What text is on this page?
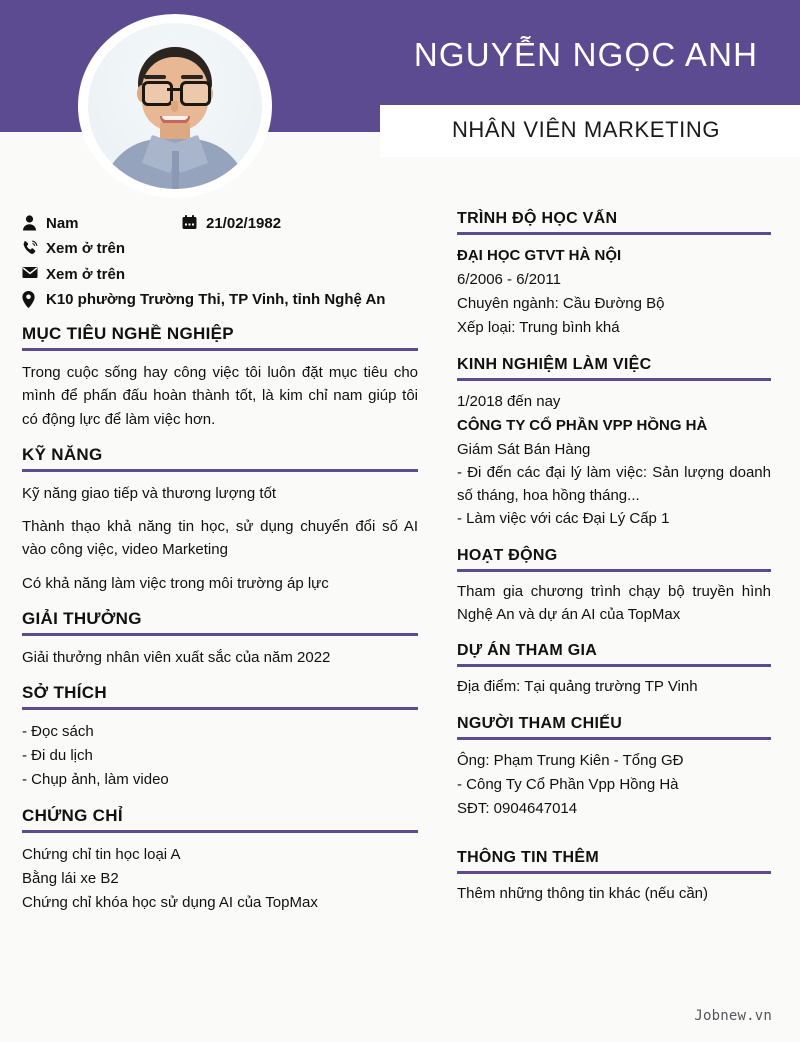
NGUYỄN NGỌC ANH
NHÂN VIÊN MARKETING
Nam	21/02/1982
Xem ở trên
Xem ở trên
K10 phường Trường Thi, TP Vinh, tỉnh Nghệ An
MỤC TIÊU NGHỀ NGHIỆP

Trong cuộc sống hay công việc tôi luôn đặt mục tiêu cho mình để phấn đấu hoàn thành tốt, là kim chỉ nam giúp tôi có động lực để làm việc hơn.

KỸ NĂNG

Kỹ năng giao tiếp và thương lượng tốt

Thành thạo khả năng tin học, sử dụng chuyển đổi số AI vào công việc, video Marketing

Có khả năng làm việc trong môi trường áp lực

GIẢI THƯỞNG

Giải thưởng nhân viên xuất sắc của năm 2022

SỞ THÍCH
- Đọc sách
- Đi du lịch
- Chụp ảnh, làm video
CHỨNG CHỈ
Chứng chỉ tin học loại A
Bằng lái xe B2
Chứng chỉ khóa học sử dụng AI của TopMax
TRÌNH ĐỘ HỌC VẤN
ĐẠI HỌC GTVT HÀ NỘI
6/2006 - 6/2011
Chuyên ngành: Cầu Đường Bộ
Xếp loại: Trung bình khá
KINH NGHIỆM LÀM VIỆC
1/2018 đến nay
CÔNG TY CỔ PHẦN VPP HỒNG HÀ
Giám Sát Bán Hàng

- Đi đến các đại lý làm việc: Sản lượng doanh số tháng, hoa hồng tháng...

- Làm việc với các Đại Lý Cấp 1
HOẠT ĐỘNG

Tham gia chương trình chạy bộ truyền hình Nghệ An và dự án AI của TopMax

DỰ ÁN THAM GIA

Địa điểm: Tại quảng trường TP Vinh

NGƯỜI THAM CHIẾU
Ông: Phạm Trung Kiên - Tổng GĐ
- Công Ty Cổ Phần Vpp Hồng Hà
SĐT: 0904647014
THÔNG TIN THÊM

Thêm những thông tin khác (nếu cần)

Jobnew.vn
